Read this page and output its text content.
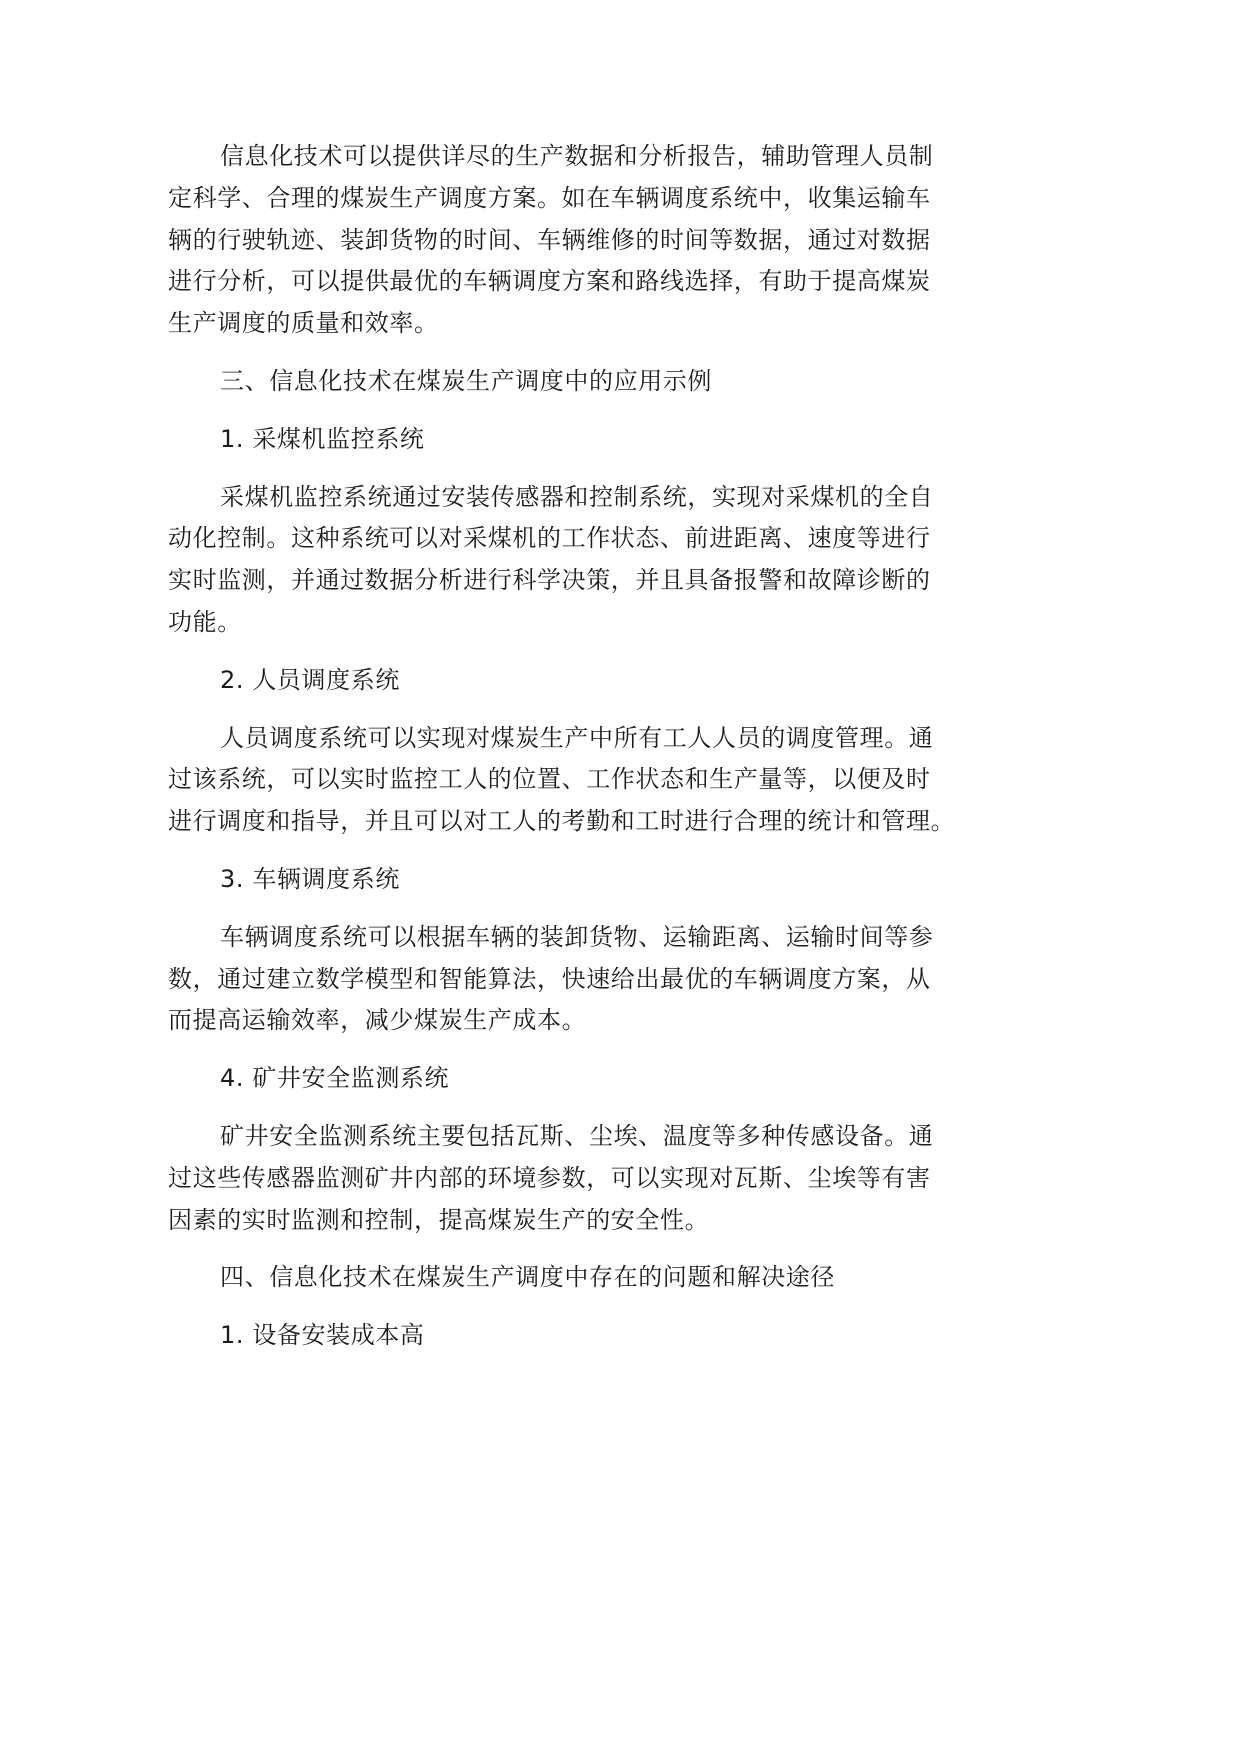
信息化技术可以提供详尽的生产数据和分析报告，辅助管理人员制
定科学、合理的煤炭生产调度方案。如在车辆调度系统中，收集运输车
辆的行驶轨迹、装卸货物的时间、车辆维修的时间等数据，通过对数据
进行分析，可以提供最优的车辆调度方案和路线选择，有助于提高煤炭
生产调度的质量和效率。
三、信息化技术在煤炭生产调度中的应用示例
1. 采煤机监控系统
采煤机监控系统通过安装传感器和控制系统，实现对采煤机的全自
动化控制。这种系统可以对采煤机的工作状态、前进距离、速度等进行
实时监测，并通过数据分析进行科学决策，并且具备报警和故障诊断的
功能。
2. 人员调度系统
人员调度系统可以实现对煤炭生产中所有工人人员的调度管理。通
过该系统，可以实时监控工人的位置、工作状态和生产量等，以便及时
进行调度和指导，并且可以对工人的考勤和工时进行合理的统计和管理。
3. 车辆调度系统
车辆调度系统可以根据车辆的装卸货物、运输距离、运输时间等参
数，通过建立数学模型和智能算法，快速给出最优的车辆调度方案，从
而提高运输效率，减少煤炭生产成本。
4. 矿井安全监测系统
矿井安全监测系统主要包括瓦斯、尘埃、温度等多种传感设备。通
过这些传感器监测矿井内部的环境参数，可以实现对瓦斯、尘埃等有害
因素的实时监测和控制，提高煤炭生产的安全性。
四、信息化技术在煤炭生产调度中存在的问题和解决途径
1. 设备安装成本高
